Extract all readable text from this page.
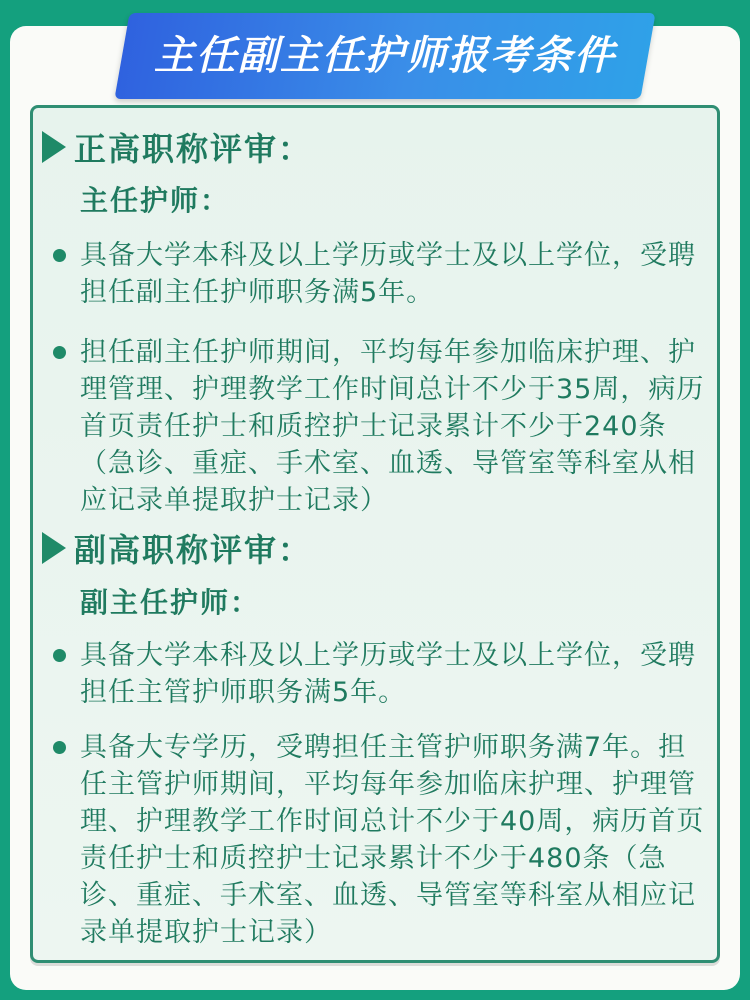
主任副主任护师报考条件
正高职称评审：
主任护师：
具备大学本科及以上学历或学士及以上学位，受聘担任副主任护师职务满5年。
担任副主任护师期间，平均每年参加临床护理、护理管理、护理教学工作时间总计不少于35周，病历首页责任护士和质控护士记录累计不少于240条（急诊、重症、手术室、血透、导管室等科室从相应记录单提取护士记录）
副高职称评审：
副主任护师：
具备大学本科及以上学历或学士及以上学位，受聘担任主管护师职务满5年。
具备大专学历，受聘担任主管护师职务满7年。担任主管护师期间，平均每年参加临床护理、护理管理、护理教学工作时间总计不少于40周，病历首页责任护士和质控护士记录累计不少于480条（急诊、重症、手术室、血透、导管室等科室从相应记录单提取护士记录）
